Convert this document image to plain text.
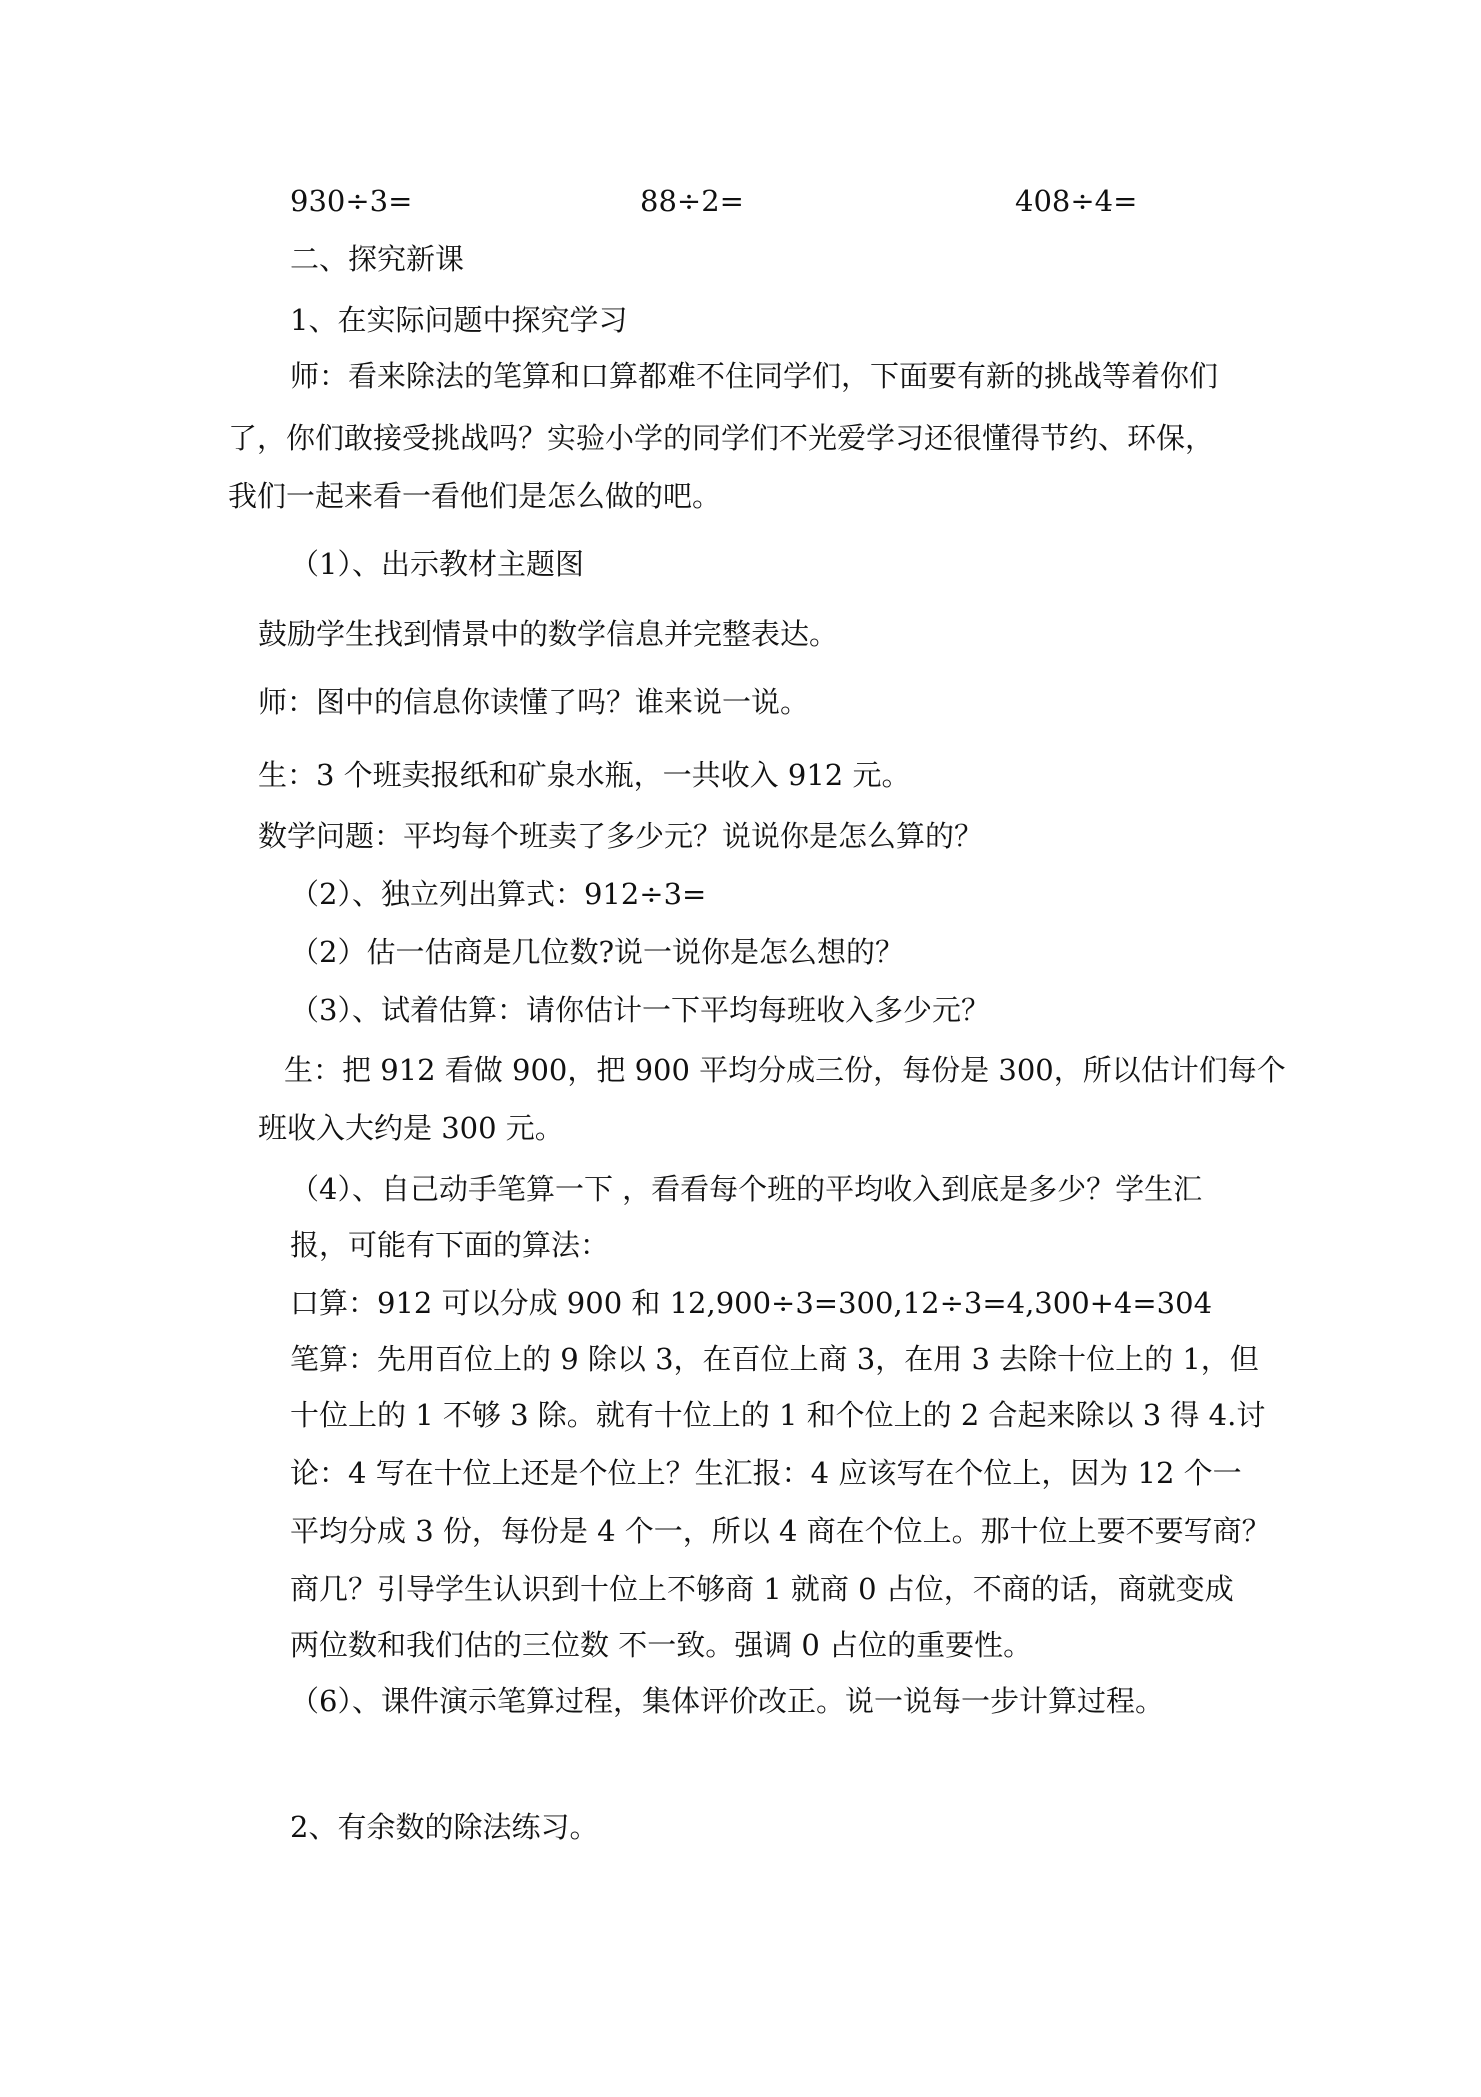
930÷3=	88÷2=	408÷4=
二、探究新课
1、在实际问题中探究学习
师：看来除法的笔算和口算都难不住同学们，下面要有新的挑战等着你们
了，你们敢接受挑战吗？实验小学的同学们不光爱学习还很懂得节约、环保，
我们一起来看一看他们是怎么做的吧。
（1）、出示教材主题图
鼓励学生找到情景中的数学信息并完整表达。
师：图中的信息你读懂了吗？谁来说一说。
生：3 个班卖报纸和矿泉水瓶，一共收入 912 元。
数学问题：平均每个班卖了多少元？说说你是怎么算的？
（2）、独立列出算式：912÷3=
（2）估一估商是几位数?说一说你是怎么想的？
（3）、试着估算：请你估计一下平均每班收入多少元？
生：把 912 看做 900，把 900 平均分成三份，每份是 300，所以估计们每个
班收入大约是 300 元。
（4）、自己动手笔算一下 ，看看每个班的平均收入到底是多少？学生汇
报，可能有下面的算法：
口算：912 可以分成 900 和 12,900÷3=300,12÷3=4,300+4=304
笔算：先用百位上的 9 除以 3，在百位上商 3，在用 3 去除十位上的 1，但
十位上的 1 不够 3 除。就有十位上的 1 和个位上的 2 合起来除以 3 得 4.讨
论：4 写在十位上还是个位上？生汇报：4 应该写在个位上，因为 12 个一
平均分成 3 份，每份是 4 个一，所以 4 商在个位上。那十位上要不要写商？
商几？引导学生认识到十位上不够商 1 就商 0 占位，不商的话，商就变成
两位数和我们估的三位数 不一致。强调 0 占位的重要性。
（6）、课件演示笔算过程，集体评价改正。说一说每一步计算过程。
2、有余数的除法练习。
